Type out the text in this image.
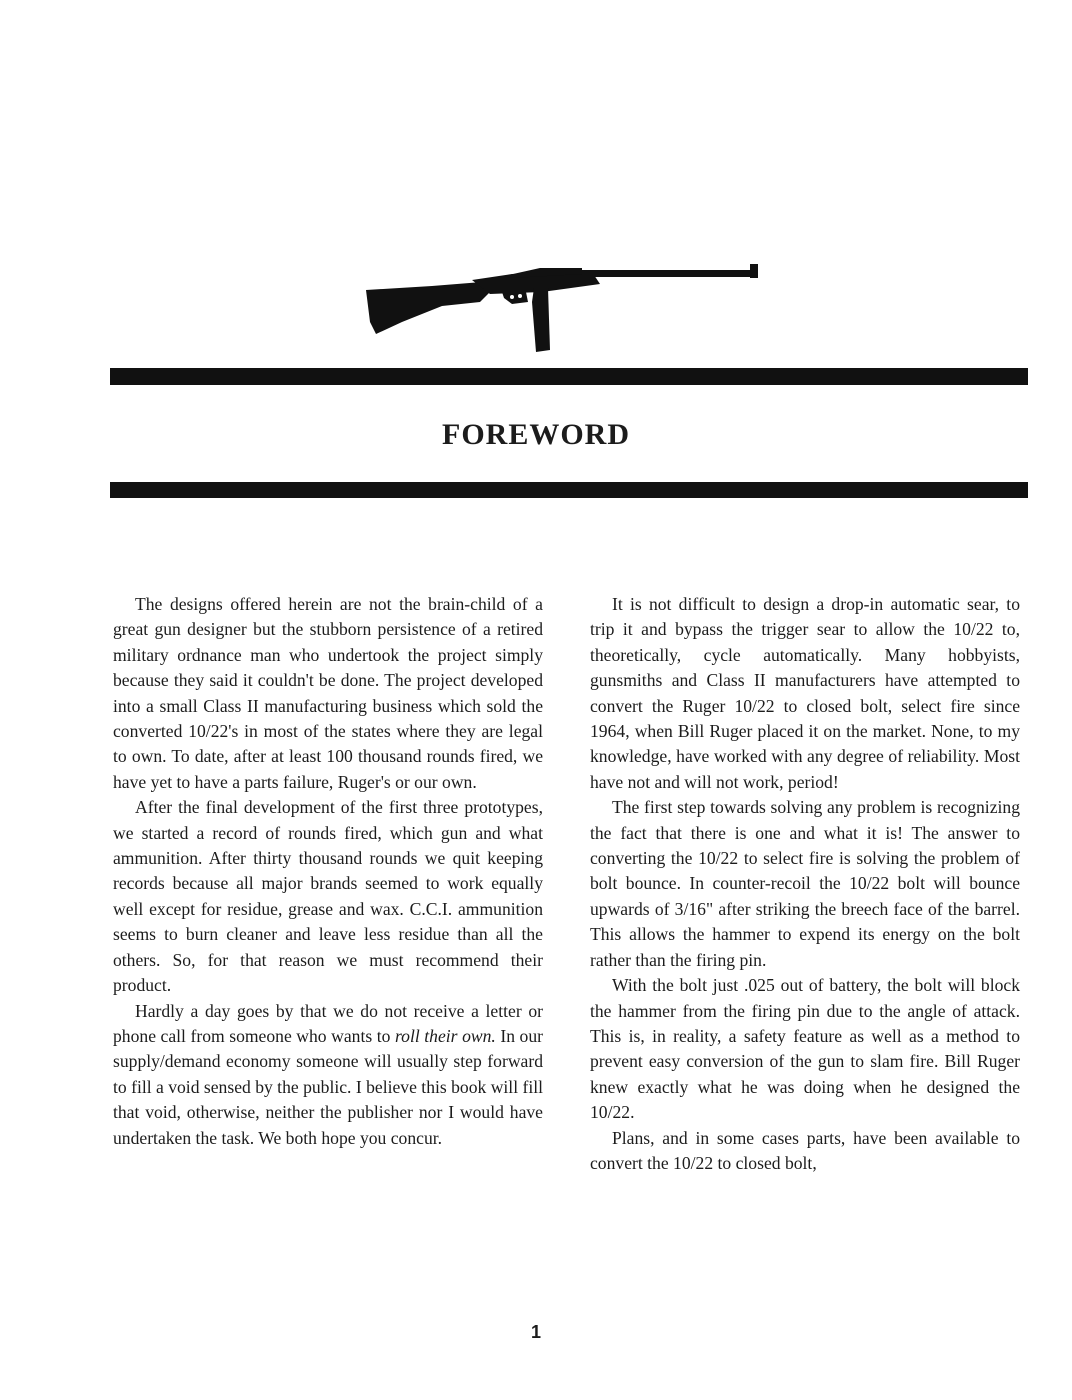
FOREWORD

The designs offered herein are not the brain-child of a great gun designer but the stubborn persistence of a retired military ordnance man who undertook the project simply because they said it couldn't be done. The project developed into a small Class II manufacturing business which sold the converted 10/22's in most of the states where they are legal to own. To date, after at least 100 thousand rounds fired, we have yet to have a parts failure, Ruger's or our own.

After the final development of the first three prototypes, we started a record of rounds fired, which gun and what ammunition. After thirty thousand rounds we quit keeping records because all major brands seemed to work equally well except for residue, grease and wax. C.C.I. ammunition seems to burn cleaner and leave less residue than all the others. So, for that reason we must recommend their product.

Hardly a day goes by that we do not receive a letter or phone call from someone who wants to roll their own. In our supply/demand economy someone will usually step forward to fill a void sensed by the public. I believe this book will fill that void, otherwise, neither the publisher nor I would have undertaken the task. We both hope you concur.

It is not difficult to design a drop-in automatic sear, to trip it and bypass the trigger sear to allow the 10/22 to, theoretically, cycle automatically. Many hobbyists, gunsmiths and Class II manufacturers have attempted to convert the Ruger 10/22 to closed bolt, select fire since 1964, when Bill Ruger placed it on the market. None, to my knowledge, have worked with any degree of reliability. Most have not and will not work, period!

The first step towards solving any problem is recognizing the fact that there is one and what it is! The answer to converting the 10/22 to select fire is solving the problem of bolt bounce. In counter-recoil the 10/22 bolt will bounce upwards of 3/16" after striking the breech face of the barrel. This allows the hammer to expend its energy on the bolt rather than the firing pin.

With the bolt just .025 out of battery, the bolt will block the hammer from the firing pin due to the angle of attack. This is, in reality, a safety feature as well as a method to prevent easy conversion of the gun to slam fire. Bill Ruger knew exactly what he was doing when he designed the 10/22.

Plans, and in some cases parts, have been available to convert the 10/22 to closed bolt,

1
